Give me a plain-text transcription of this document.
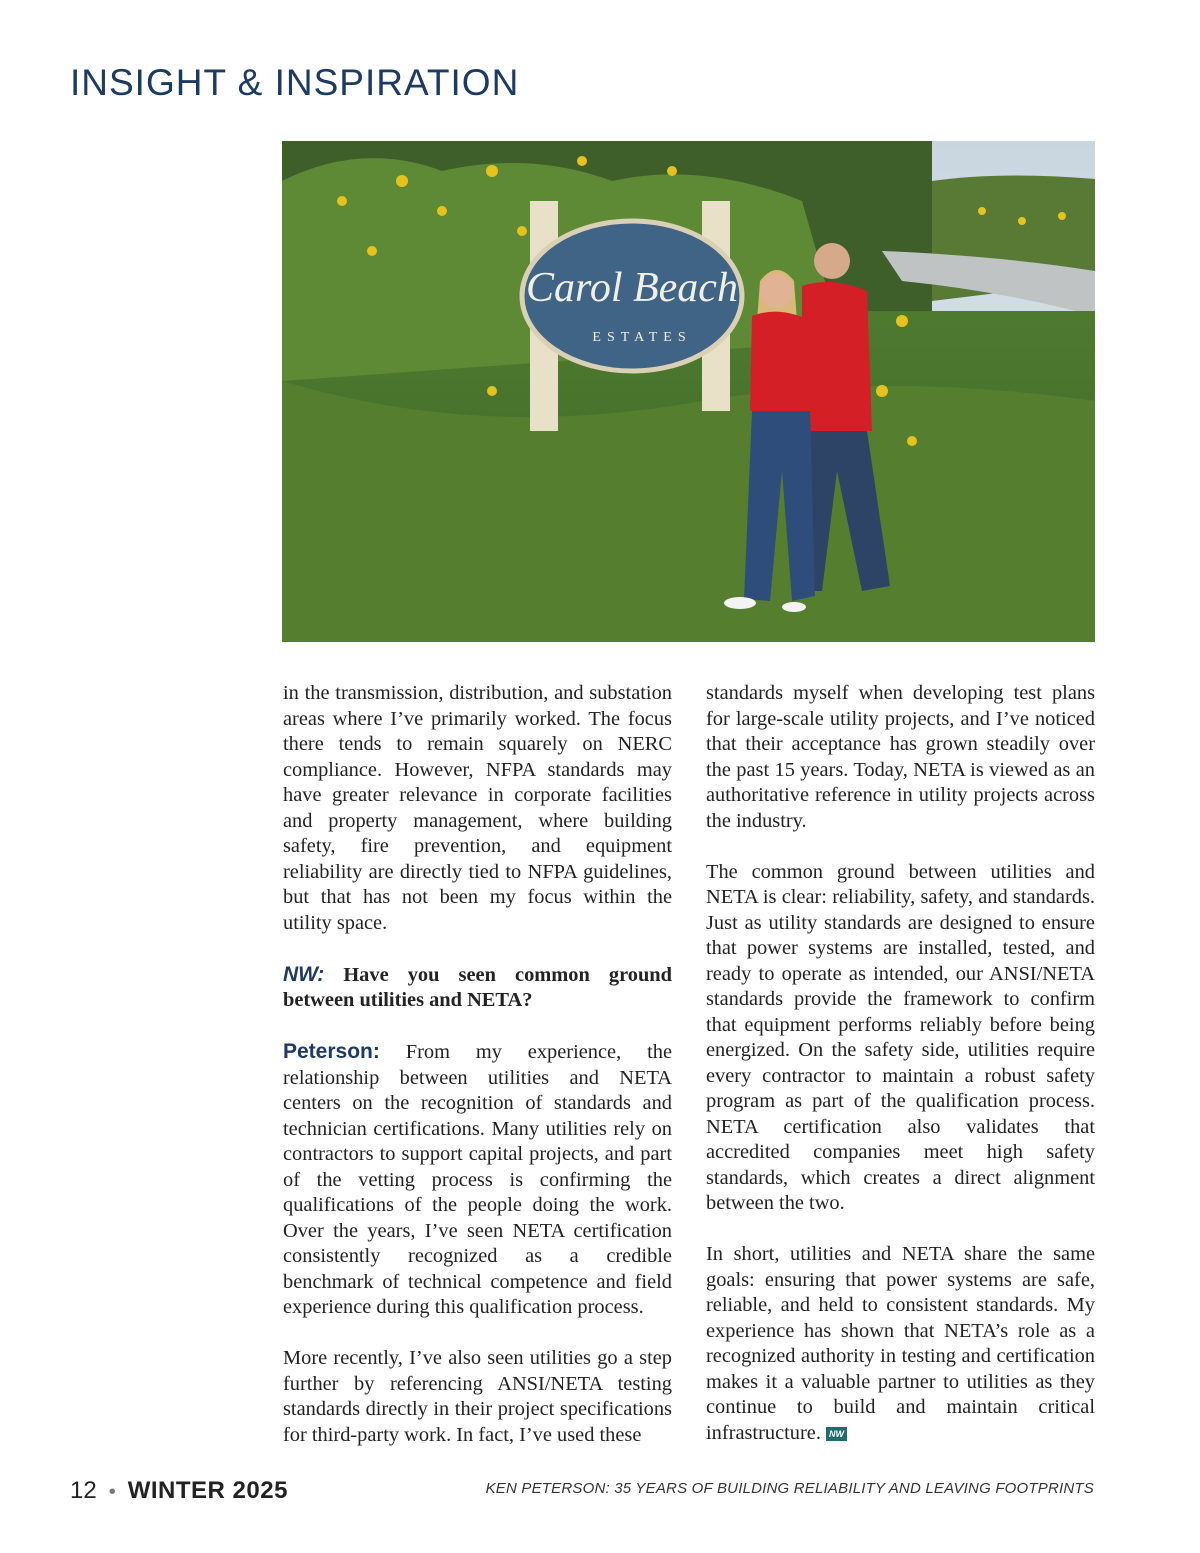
INSIGHT & INSPIRATION
Carol Beach
ESTATES

in the transmission, distribution, and substation areas where I’ve primarily worked. The focus there tends to remain squarely on NERC compliance. However, NFPA standards may have greater relevance in corporate facilities and property management, where building safety, fire prevention, and equipment reliability are directly tied to NFPA guidelines, but that has not been my focus within the utility space.

NW: Have you seen common ground between utilities and NETA?

Peterson: From my experience, the relationship between utilities and NETA centers on the recognition of standards and technician certifications. Many utilities rely on contractors to support capital projects, and part of the vetting process is confirming the qualifications of the people doing the work. Over the years, I’ve seen NETA certification consistently recognized as a credible benchmark of technical competence and field experience during this qualification process.

More recently, I’ve also seen utilities go a step further by referencing ANSI/NETA testing standards directly in their project specifications for third-party work. In fact, I’ve used these

standards myself when developing test plans for large-scale utility projects, and I’ve noticed that their acceptance has grown steadily over the past 15 years. Today, NETA is viewed as an authoritative reference in utility projects across the industry.

The common ground between utilities and NETA is clear: reliability, safety, and standards. Just as utility standards are designed to ensure that power systems are installed, tested, and ready to operate as intended, our ANSI/NETA standards provide the framework to confirm that equipment performs reliably before being energized. On the safety side, utilities require every contractor to maintain a robust safety program as part of the qualification process. NETA certification also validates that accredited companies meet high safety standards, which creates a direct alignment between the two.

In short, utilities and NETA share the same goals: ensuring that power systems are safe, reliable, and held to consistent standards. My experience has shown that NETA’s role as a recognized authority in testing and certification makes it a valuable partner to utilities as they continue to build and maintain critical infrastructure. NW

12 • WINTER 2025	KEN PETERSON: 35 YEARS OF BUILDING RELIABILITY AND LEAVING FOOTPRINTS
